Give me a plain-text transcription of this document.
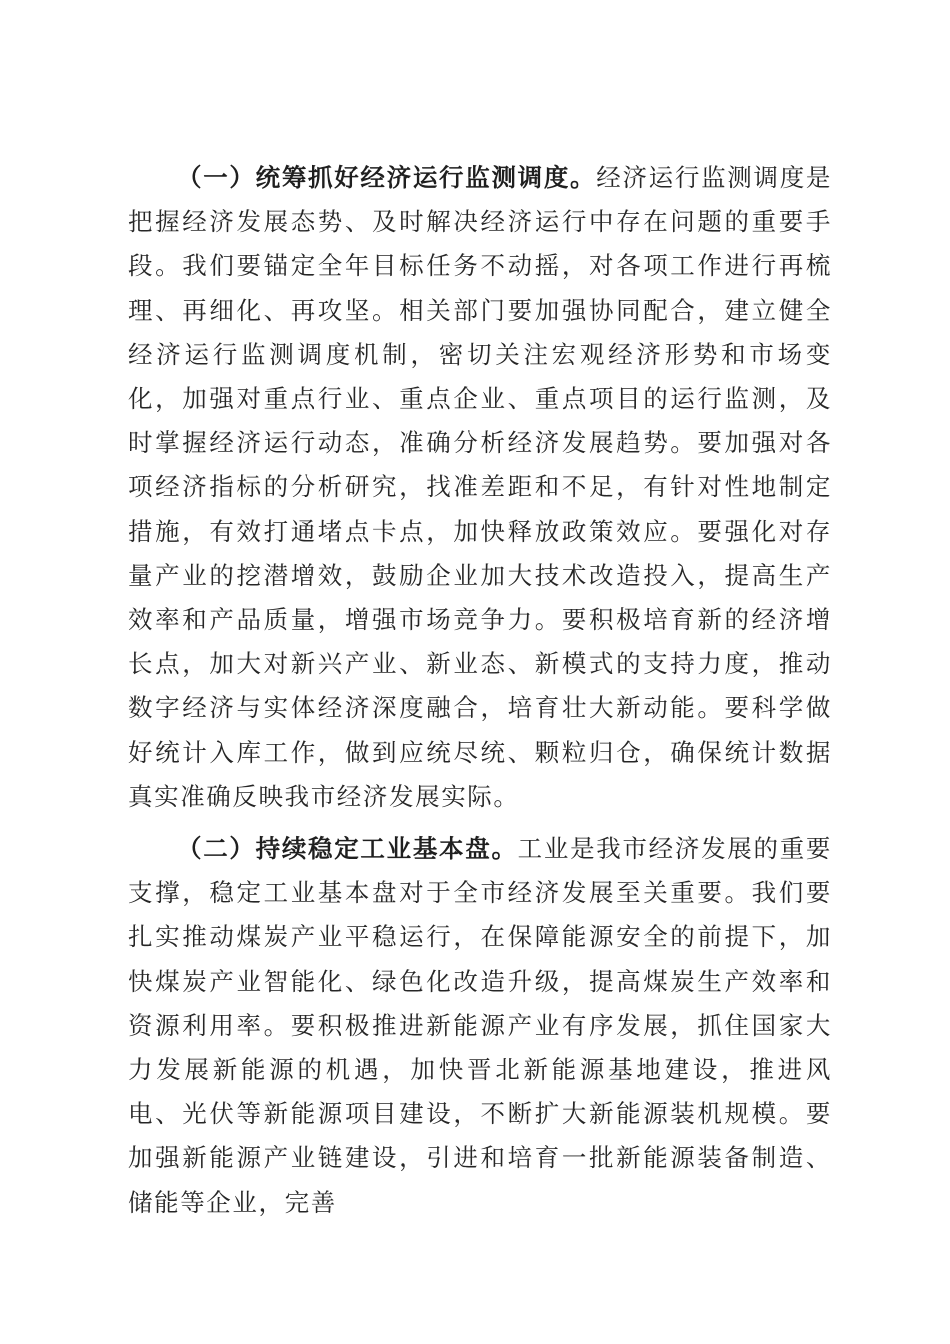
（一）统筹抓好经济运行监测调度。经济运行监测调度是把握经济发展态势、及时解决经济运行中存在问题的重要手段。我们要锚定全年目标任务不动摇，对各项工作进行再梳理、再细化、再攻坚。相关部门要加强协同配合，建立健全经济运行监测调度机制，密切关注宏观经济形势和市场变化，加强对重点行业、重点企业、重点项目的运行监测，及时掌握经济运行动态，准确分析经济发展趋势。要加强对各项经济指标的分析研究，找准差距和不足，有针对性地制定措施，有效打通堵点卡点，加快释放政策效应。要强化对存量产业的挖潜增效，鼓励企业加大技术改造投入，提高生产效率和产品质量，增强市场竞争力。要积极培育新的经济增长点，加大对新兴产业、新业态、新模式的支持力度，推动数字经济与实体经济深度融合，培育壮大新动能。要科学做好统计入库工作，做到应统尽统、颗粒归仓，确保统计数据真实准确反映我市经济发展实际。

（二）持续稳定工业基本盘。工业是我市经济发展的重要支撑，稳定工业基本盘对于全市经济发展至关重要。我们要扎实推动煤炭产业平稳运行，在保障能源安全的前提下，加快煤炭产业智能化、绿色化改造升级，提高煤炭生产效率和资源利用率。要积极推进新能源产业有序发展，抓住国家大力发展新能源的机遇，加快晋北新能源基地建设，推进风电、光伏等新能源项目建设，不断扩大新能源装机规模。要加强新能源产业链建设，引进和培育一批新能源装备制造、储能等企业，完善
